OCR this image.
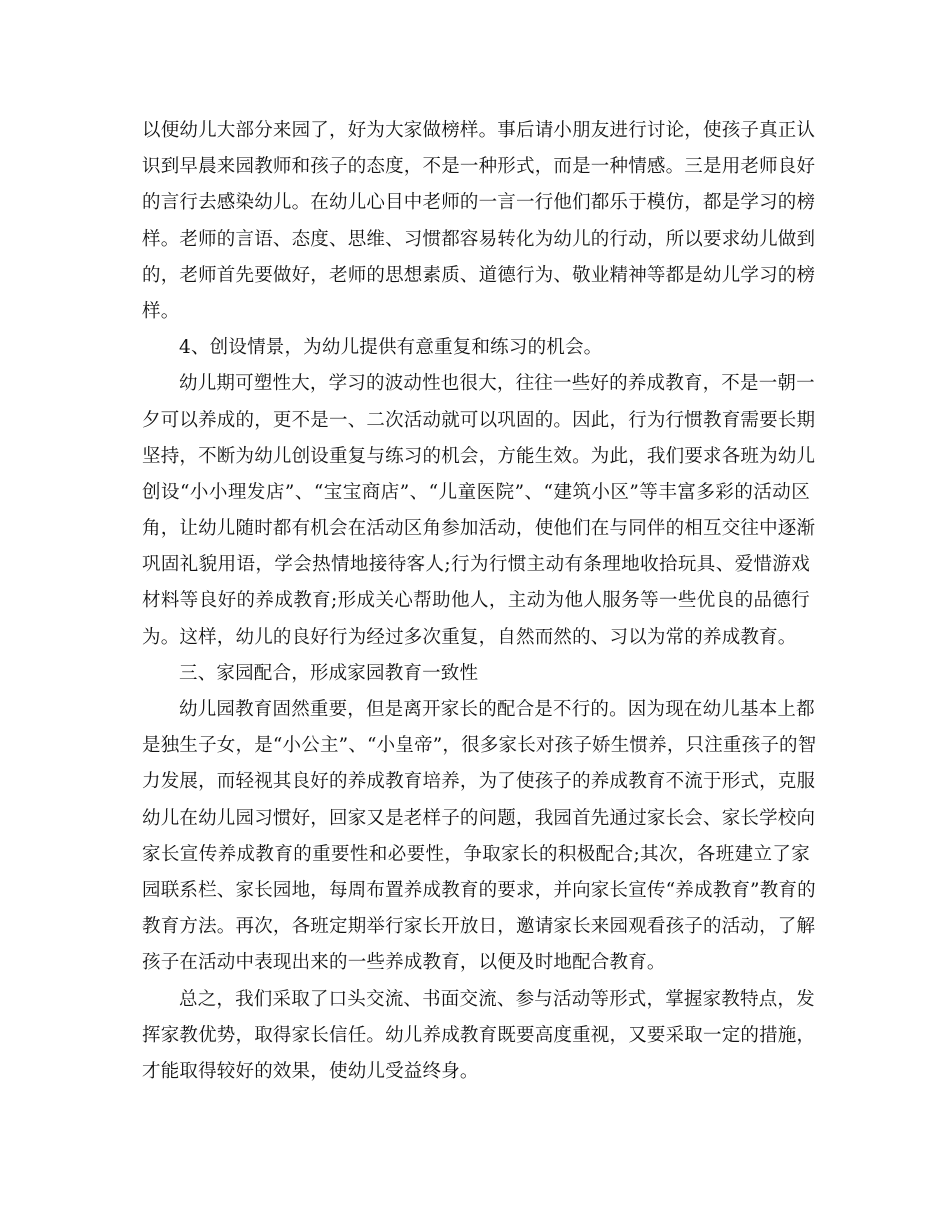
以便幼儿大部分来园了，好为大家做榜样。事后请小朋友进行讨论，使孩子真正认
识到早晨来园教师和孩子的态度，不是一种形式，而是一种情感。三是用老师良好
的言行去感染幼儿。在幼儿心目中老师的一言一行他们都乐于模仿，都是学习的榜
样。老师的言语、态度、思维、习惯都容易转化为幼儿的行动，所以要求幼儿做到
的，老师首先要做好，老师的思想素质、道德行为、敬业精神等都是幼儿学习的榜
样。
4、创设情景，为幼儿提供有意重复和练习的机会。
幼儿期可塑性大，学习的波动性也很大，往往一些好的养成教育，不是一朝一
夕可以养成的，更不是一、二次活动就可以巩固的。因此，行为行惯教育需要长期
坚持，不断为幼儿创设重复与练习的机会，方能生效。为此，我们要求各班为幼儿
创设“小小理发店”、“宝宝商店”、“儿童医院”、“建筑小区”等丰富多彩的活动区
角，让幼儿随时都有机会在活动区角参加活动，使他们在与同伴的相互交往中逐渐
巩固礼貌用语，学会热情地接待客人;行为行惯主动有条理地收拾玩具、爱惜游戏
材料等良好的养成教育;形成关心帮助他人，主动为他人服务等一些优良的品德行
为。这样，幼儿的良好行为经过多次重复，自然而然的、习以为常的养成教育。
三、家园配合，形成家园教育一致性
幼儿园教育固然重要，但是离开家长的配合是不行的。因为现在幼儿基本上都
是独生子女，是“小公主”、“小皇帝”，很多家长对孩子娇生惯养，只注重孩子的智
力发展，而轻视其良好的养成教育培养，为了使孩子的养成教育不流于形式，克服
幼儿在幼儿园习惯好，回家又是老样子的问题，我园首先通过家长会、家长学校向
家长宣传养成教育的重要性和必要性，争取家长的积极配合;其次，各班建立了家
园联系栏、家长园地，每周布置养成教育的要求，并向家长宣传“养成教育”教育的
教育方法。再次，各班定期举行家长开放日，邀请家长来园观看孩子的活动，了解
孩子在活动中表现出来的一些养成教育，以便及时地配合教育。
总之，我们采取了口头交流、书面交流、参与活动等形式，掌握家教特点，发
挥家教优势，取得家长信任。幼儿养成教育既要高度重视，又要采取一定的措施，
才能取得较好的效果，使幼儿受益终身。
